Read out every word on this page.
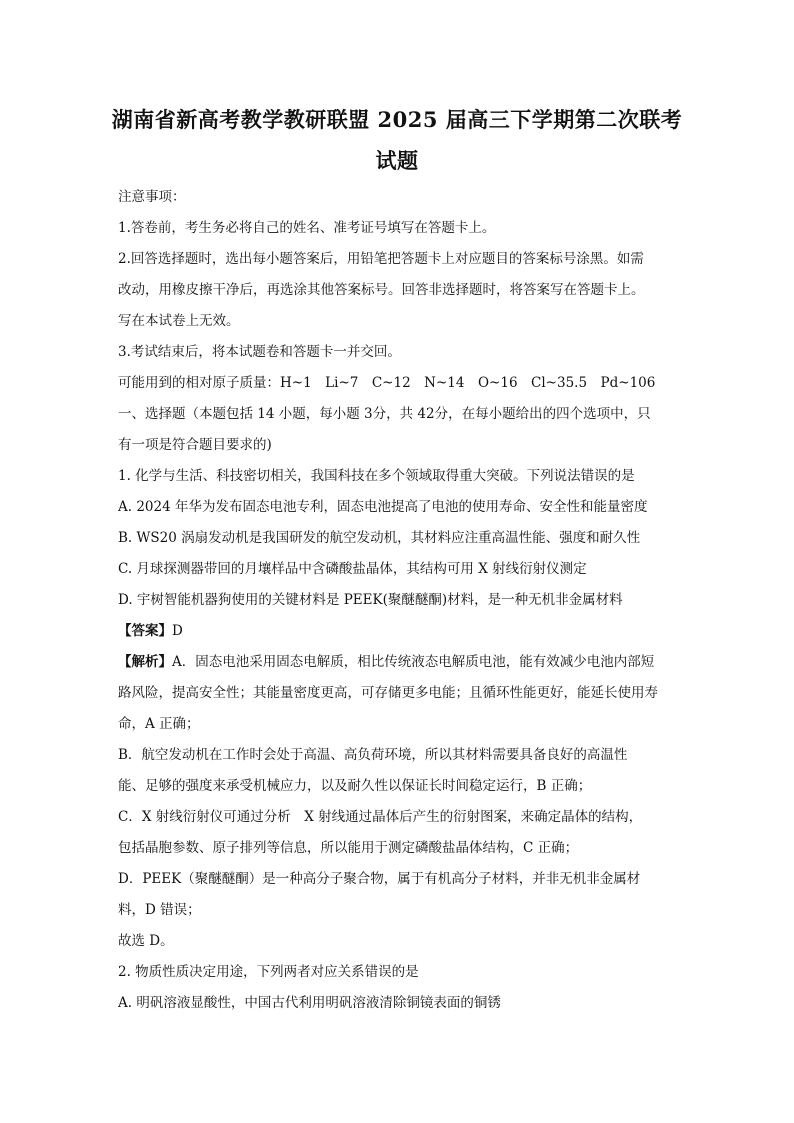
湖南省新高考教学教研联盟 2025 届高三下学期第二次联考
试题
注意事项：
1.答卷前，考生务必将自己的姓名、准考证号填写在答题卡上。
2.回答选择题时，选出每小题答案后，用铅笔把答题卡上对应题目的答案标号涂黑。如需
改动，用橡皮擦干净后，再选涂其他答案标号。回答非选择题时，将答案写在答题卡上。
写在本试卷上无效。
3.考试结束后，将本试题卷和答题卡一并交回。
可能用到的相对原子质量：H~1　Li~7　C~12　N~14　O~16　Cl~35.5　Pd~106
一、选择题（本题包括 14 小题，每小题 3分，共 42分，在每小题给出的四个选项中，只
有一项是符合题目要求的)
1. 化学与生活、科技密切相关，我国科技在多个领域取得重大突破。下列说法错误的是
A. 2024 年华为发布固态电池专利，固态电池提高了电池的使用寿命、安全性和能量密度
B. WS20 涡扇发动机是我国研发的航空发动机，其材料应注重高温性能、强度和耐久性
C. 月球探测器带回的月壤样品中含磷酸盐晶体，其结构可用 X 射线衍射仪测定
D. 宇树智能机器狗使用的关键材料是 PEEK(聚醚醚酮)材料，是一种无机非金属材料
【答案】D
【解析】A．固态电池采用固态电解质，相比传统液态电解质电池，能有效减少电池内部短
路风险，提高安全性；其能量密度更高，可存储更多电能；且循环性能更好，能延长使用寿
命，A 正确；
B．航空发动机在工作时会处于高温、高负荷环境，所以其材料需要具备良好的高温性
能、足够的强度来承受机械应力，以及耐久性以保证长时间稳定运行，B 正确；
C．X 射线衍射仪可通过分析　X 射线通过晶体后产生的衍射图案，来确定晶体的结构，
包括晶胞参数、原子排列等信息，所以能用于测定磷酸盐晶体结构，C 正确；
D．PEEK（聚醚醚酮）是一种高分子聚合物，属于有机高分子材料，并非无机非金属材
料，D 错误；
故选 D。
2. 物质性质决定用途，下列两者对应关系错误的是
A. 明矾溶液显酸性，中国古代利用明矾溶液清除铜镜表面的铜锈
